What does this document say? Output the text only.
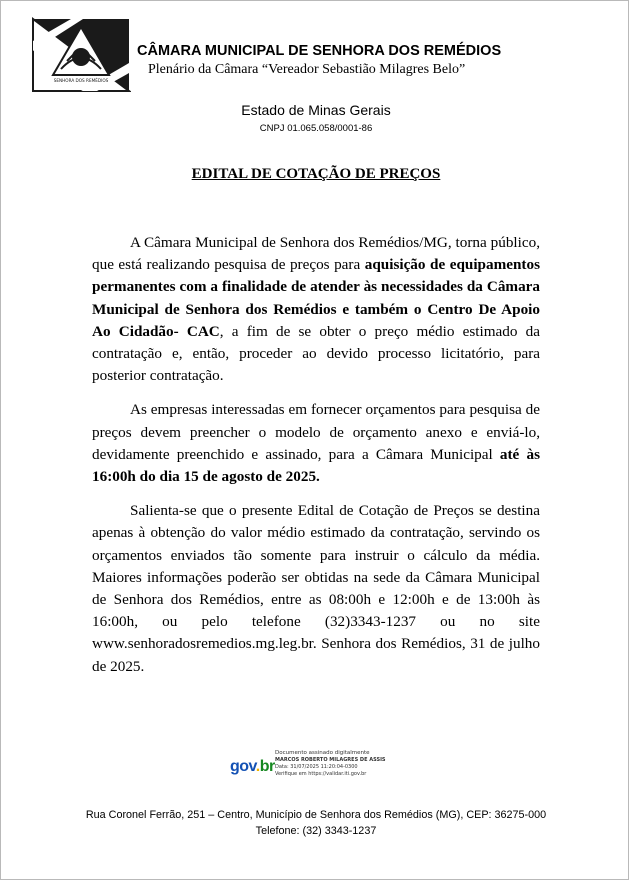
SENHORA DOS REMÉDIOS
CÂMARA MUNICIPAL DE SENHORA DOS REMÉDIOS
Plenário da Câmara “Vereador Sebastião Milagres Belo”
Estado de Minas Gerais
CNPJ 01.065.058/0001-86
EDITAL DE COTAÇÃO DE PREÇOS

A Câmara Municipal de Senhora dos Remédios/MG, torna público, que está realizando pesquisa de preços para aquisição de equipamentos permanentes com a finalidade de atender às necessidades da Câmara Municipal de Senhora dos Remédios e também o Centro De Apoio Ao Cidadão- CAC, a fim de se obter o preço médio estimado da contratação e, então, proceder ao devido processo licitatório, para posterior contratação.

As empresas interessadas em fornecer orçamentos para pesquisa de preços devem preencher o modelo de orçamento anexo e enviá-lo, devidamente preenchido e assinado, para a Câmara Municipal até às 16:00h do dia 15 de agosto de 2025.

Salienta-se que o presente Edital de Cotação de Preços se destina apenas à obtenção do valor médio estimado da contratação, servindo os orçamentos enviados tão somente para instruir o cálculo da média. Maiores informações poderão ser obtidas na sede da Câmara Municipal de Senhora dos Remédios, entre as 08:00h e 12:00h e de 13:00h às 16:00h, ou pelo telefone (32)3343-1237 ou no site www.senhoradosremedios.mg.leg.br. Senhora dos Remédios, 31 de julho de 2025.

gov.br
Documento assinado digitalmente
MARCOS ROBERTO MILAGRES DE ASSIS
Data: 31/07/2025 11:20:04-0300
Verifique em https://validar.iti.gov.br
Rua Coronel Ferrão, 251 – Centro, Município de Senhora dos Remédios (MG), CEP: 36275-000
Telefone: (32) 3343-1237
